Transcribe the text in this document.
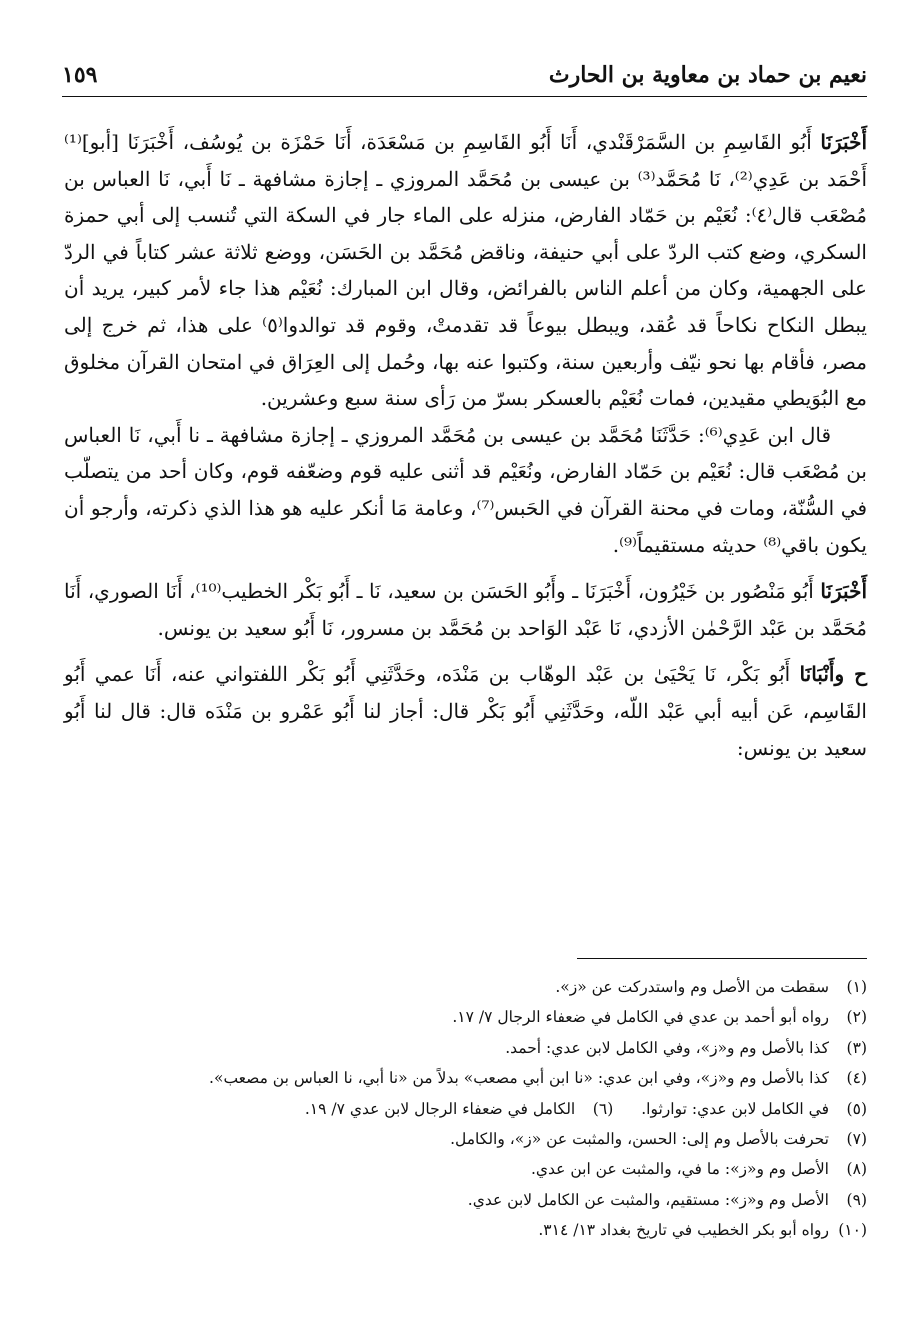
نعيم بن حماد بن معاوية بن الحارث
١٥٩

أَخْبَرَنَا أَبُو القَاسِمِ بن السَّمَرْقَنْدي، أَنَا أَبُو القَاسِمِ بن مَسْعَدَة، أَنَا حَمْزَة بن يُوسُف، أَخْبَرَنَا [أبو]⁽¹⁾ أَحْمَد بن عَدِي⁽²⁾، نَا مُحَمَّد⁽³⁾ بن عيسى بن مُحَمَّد المروزي ـ إجازة مشافهة ـ نَا أَبي، نَا العباس بن مُصْعَب قال⁽٤⁾: نُعَيْم بن حَمّاد الفارض، منزله على الماء جار في السكة التي تُنسب إلى أبي حمزة السكري، وضع كتب الردّ على أبي حنيفة، وناقض مُحَمَّد بن الحَسَن، ووضع ثلاثة عشر كتاباً في الردّ على الجهمية، وكان من أعلم الناس بالفرائض، وقال ابن المبارك: نُعَيْم هذا جاء لأمر كبير، يريد أن يبطل النكاح نكاحاً قد عُقد، ويبطل بيوعاً قد تقدمتْ، وقوم قد توالدوا⁽٥⁾ على هذا، ثم خرج إلى مصر، فأقام بها نحو نيّف وأربعين سنة، وكتبوا عنه بها، وحُمل إلى العِرَاق في امتحان القرآن مخلوق مع البُوَيطي مقيدين، فمات نُعَيْم بالعسكر بسرّ من رَأى سنة سبع وعشرين.

قال ابن عَدِي⁽⁶⁾: حَدَّثَنَا مُحَمَّد بن عيسى بن مُحَمَّد المروزي ـ إجازة مشافهة ـ نا أَبي، نَا العباس بن مُصْعَب قال: نُعَيْم بن حَمّاد الفارض، ونُعَيْم قد أثنى عليه قوم وضعّفه قوم، وكان أحد من يتصلّب في السُّنّة، ومات في محنة القرآن في الحَبس⁽⁷⁾، وعامة مَا أنكر عليه هو هذا الذي ذكرته، وأرجو أن يكون باقي⁽⁸⁾ حديثه مستقيماً⁽⁹⁾.

أَخْبَرَنَا أَبُو مَنْصُور بن خَيْرُون، أَخْبَرَنَا ـ وأَبُو الحَسَن بن سعيد، نَا ـ أَبُو بَكْر الخطيب⁽¹⁰⁾، أَنَا الصوري، أَنَا مُحَمَّد بن عَبْد الرَّحْمٰن الأزدي، نَا عَبْد الوَاحد بن مُحَمَّد بن مسرور، نَا أَبُو سعيد بن يونس.

ح وأَنْبَانَا أَبُو بَكْر، نَا يَحْيَىٰ بن عَبْد الوهّاب بن مَنْدَه، وحَدَّثَنِي أَبُو بَكْر اللفتواني عنه، أَنَا عمي أَبُو القَاسِم، عَن أبيه أبي عَبْد اللّه، وحَدَّثَنِي أَبُو بَكْر قال: أجاز لنا أَبُو عَمْرو بن مَنْدَه قال: قال لنا أَبُو سعيد بن يونس:

(١)
سقطت من الأصل وم واستدركت عن «ز».
(٢)
رواه أبو أحمد بن عدي في الكامل في ضعفاء الرجال ٧/ ١٧.
(٣)
كذا بالأصل وم و«ز»، وفي الكامل لابن عدي: أحمد.
(٤)
كذا بالأصل وم و«ز»، وفي ابن عدي: «نا ابن أبي مصعب» بدلاً من «نا أبي، نا العباس بن مصعب».
(٥)
في الكامل لابن عدي: توارثوا.
(٦)
الكامل في ضعفاء الرجال لابن عدي ٧/ ١٩.
(٧)
تحرفت بالأصل وم إلى: الحسن، والمثبت عن «ز»، والكامل.
(٨)
الأصل وم و«ز»: ما في، والمثبت عن ابن عدي.
(٩)
الأصل وم و«ز»: مستقيم، والمثبت عن الكامل لابن عدي.
(١٠)
رواه أبو بكر الخطيب في تاريخ بغداد ١٣/ ٣١٤.
